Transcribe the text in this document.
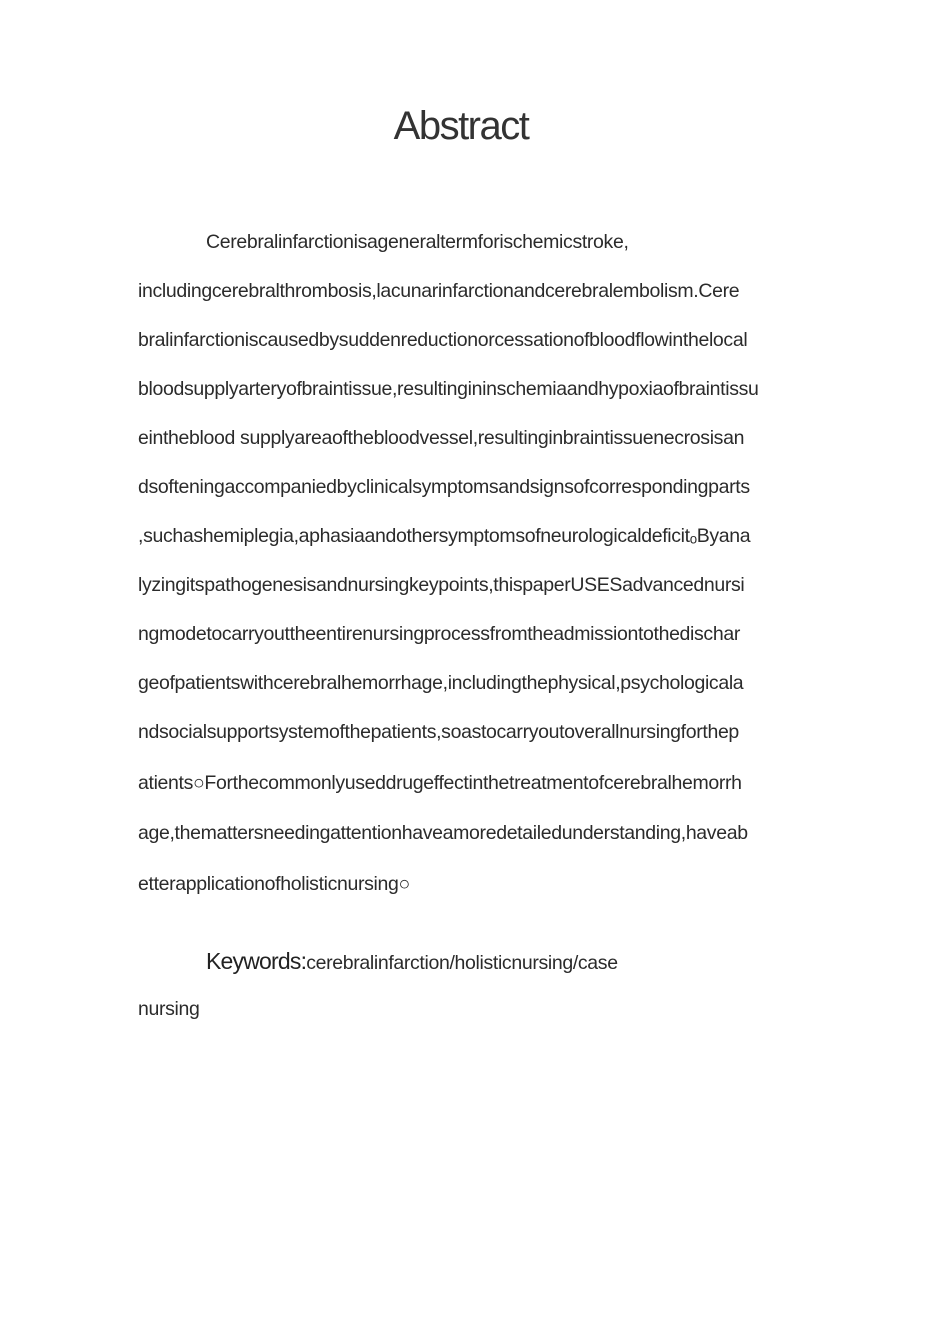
Abstract
Cerebralinfarctionisageneraltermforischemicstroke,
includingcerebralthrombosis,lacunarinfarctionandcerebralembolism.Cere
bralinfarctioniscausedbysuddenreductionorcessationofbloodflowinthelocal
bloodsupplyarteryofbraintissue,resultingininschemiaandhypoxiaofbraintissu
eintheblood supplyareaofthebloodvessel,resultinginbraintissuenecrosisan
dsofteningaccompaniedbyclinicalsymptomsandsignsofcorrespondingparts
,suchashemiplegia,aphasiaandothersymptomsofneurologicaldeficitₒByana
lyzingitspathogenesisandnursingkeypoints,thispaperUSESadvancednursi
ngmodetocarryouttheentirenursingprocessfromtheadmissiontothedischar
geofpatientswithcerebralhemorrhage,includingthephysical,psychologicala
ndsocialsupportsystemofthepatients,soastocarryoutoverallnursingforthep
atients○Forthecommonlyuseddrugeffectinthetreatmentofcerebralhemorrh
age,themattersneedingattentionhaveamoredetailedunderstanding,haveab
etterapplicationofholisticnursing○
Keywords:cerebralinfarction/holisticnursing/case
nursing
